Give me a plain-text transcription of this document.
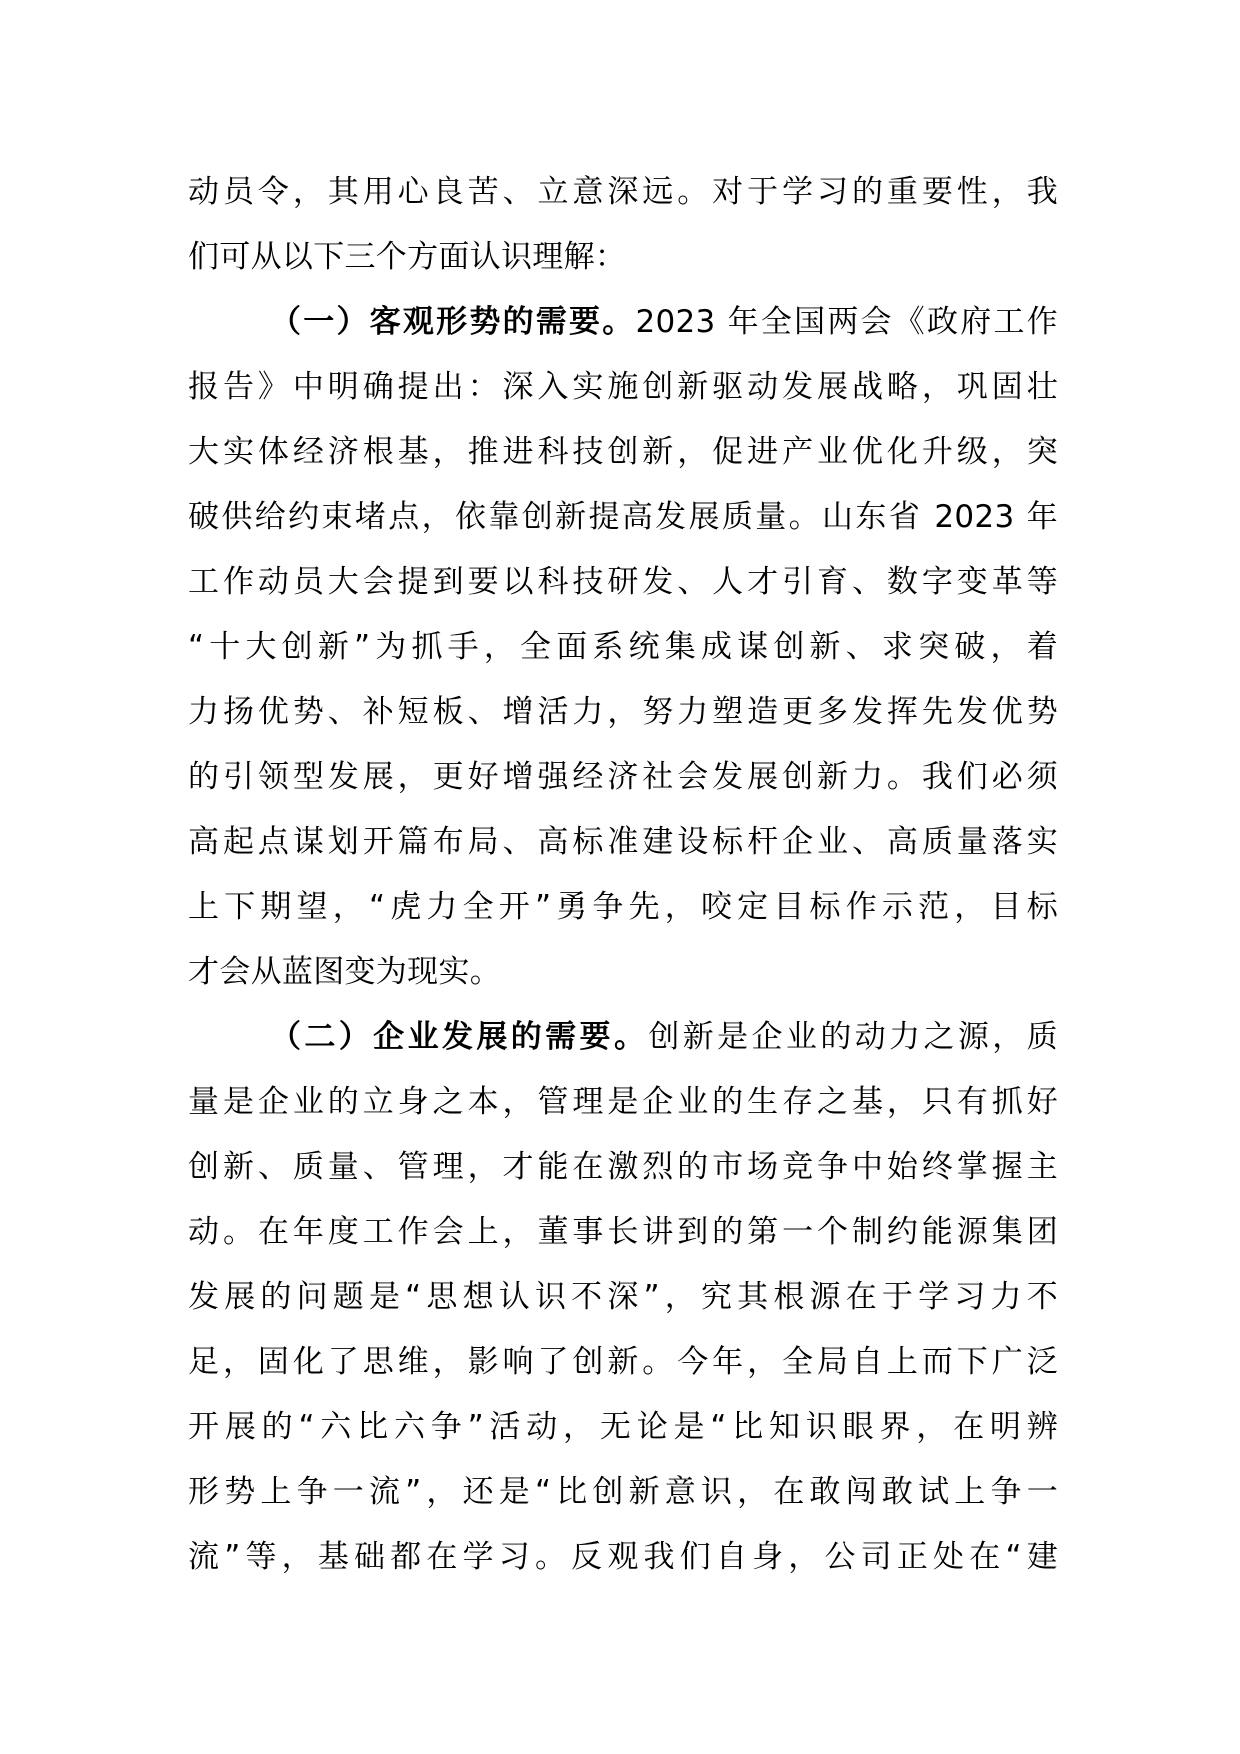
动员令，其用心良苦、立意深远。对于学习的重要性，我
们可从以下三个方面认识理解：
（一）客观形势的需要。2023 年全国两会《政府工作
报告》中明确提出：深入实施创新驱动发展战略，巩固壮
大实体经济根基，推进科技创新，促进产业优化升级，突
破供给约束堵点，依靠创新提高发展质量。山东省 2023 年
工作动员大会提到要以科技研发、人才引育、数字变革等
“十大创新”为抓手，全面系统集成谋创新、求突破，着
力扬优势、补短板、增活力，努力塑造更多发挥先发优势
的引领型发展，更好增强经济社会发展创新力。我们必须
高起点谋划开篇布局、高标准建设标杆企业、高质量落实
上下期望，“虎力全开”勇争先，咬定目标作示范，目标
才会从蓝图变为现实。
（二）企业发展的需要。创新是企业的动力之源，质
量是企业的立身之本，管理是企业的生存之基，只有抓好
创新、质量、管理，才能在激烈的市场竞争中始终掌握主
动。在年度工作会上，董事长讲到的第一个制约能源集团
发展的问题是“思想认识不深”，究其根源在于学习力不
足，固化了思维，影响了创新。今年，全局自上而下广泛
开展的“六比六争”活动，无论是“比知识眼界，在明辨
形势上争一流”，还是“比创新意识，在敢闯敢试上争一
流”等，基础都在学习。反观我们自身，公司正处在“建
